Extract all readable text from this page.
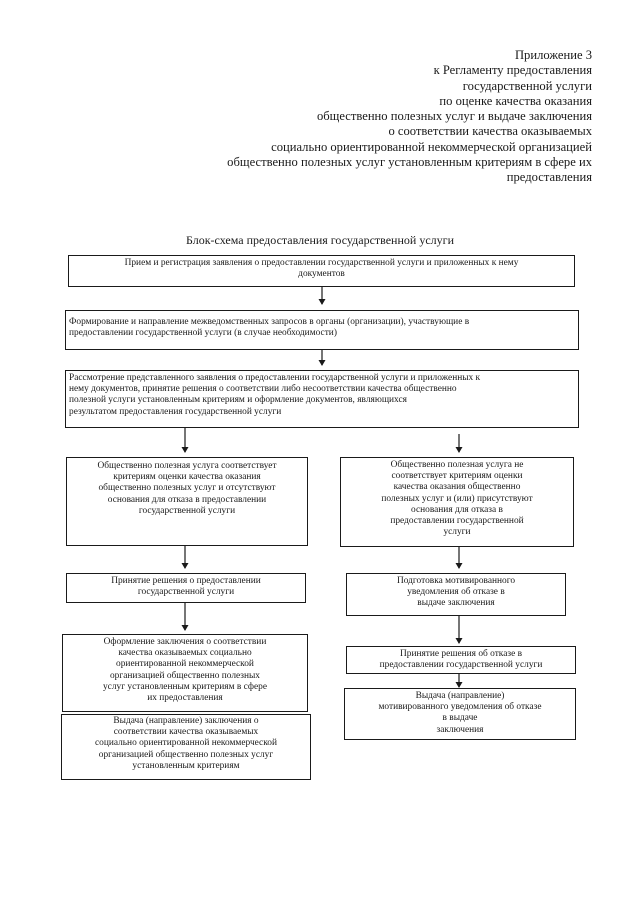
Приложение 3
к Регламенту предоставления
государственной услуги
по оценке качества оказания
общественно полезных услуг и выдаче заключения
о соответствии качества оказываемых
социально ориентированной некоммерческой организацией
общественно полезных услуг установленным критериям в сфере их
предоставления
Блок-схема предоставления государственной услуги
Прием и регистрация заявления о предоставлении государственной услуги и приложенных к нему
документов
Формирование и направление межведомственных запросов в органы (организации), участвующие в
предоставлении государственной услуги (в случае необходимости)
Рассмотрение представленного заявления о предоставлении государственной услуги и приложенных к
нему документов, принятие решения о соответствии либо несоответствии качества общественно
полезной услуги установленным критериям и оформление документов, являющихся
результатом предоставления государственной услуги
Общественно полезная услуга соответствует
критериям оценки качества оказания
общественно полезных услуг и отсутствуют
основания для отказа в предоставлении
государственной услуги
Общественно полезная услуга не
соответствует критериям оценки
качества оказания общественно
полезных услуг и (или) присутствуют
основания для отказа в
предоставлении государственной
услуги
Принятие решения о предоставлении
государственной услуги
Подготовка мотивированного
уведомления об отказе в
выдаче заключения
Оформление заключения о соответствии
качества оказываемых социально
ориентированной некоммерческой
организацией общественно полезных
услуг установленным критериям в сфере
их предоставления
Принятие решения об отказе в
предоставлении государственной услуги
Выдача (направление) заключения о
соответствии качества оказываемых
социально ориентированной некоммерческой
организацией общественно полезных услуг
установленным критериям
Выдача (направление)
мотивированного уведомления об отказе
в выдаче
заключения
